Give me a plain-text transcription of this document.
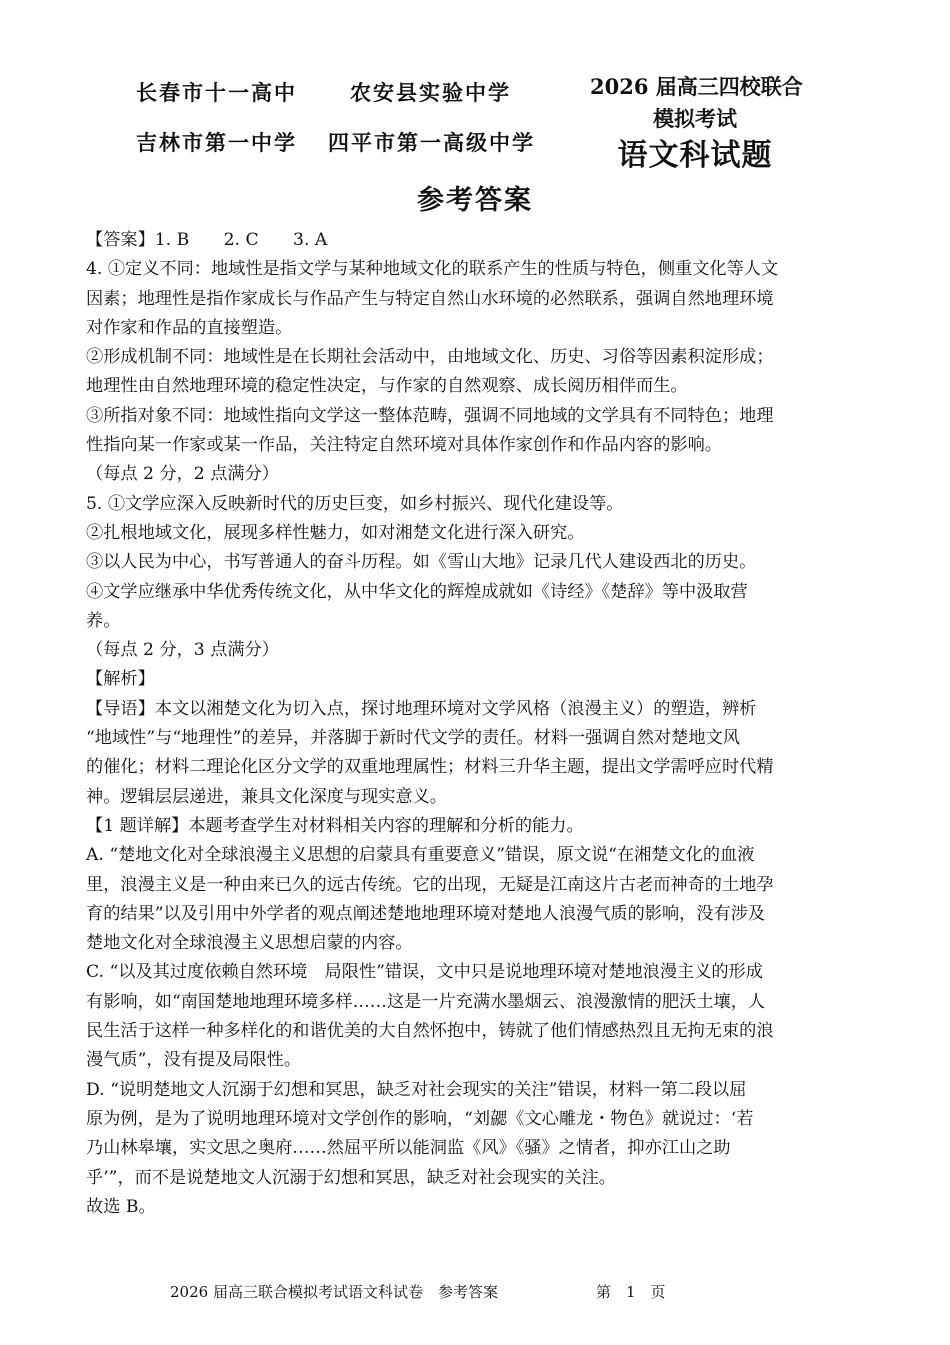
长春市十一高中	农安县实验中学
吉林市第一中学 四平市第一高级中学
2026 届高三四校联合
模拟考试
语文科试题
参考答案

【答案】1. B　　2. C　　3. A

4. ①定义不同：地域性是指文学与某种地域文化的联系产生的性质与特色，侧重文化等人文

因素；地理性是指作家成长与作品产生与特定自然山水环境的必然联系，强调自然地理环境

对作家和作品的直接塑造。

②形成机制不同：地域性是在长期社会活动中，由地域文化、历史、习俗等因素积淀形成；

地理性由自然地理环境的稳定性决定，与作家的自然观察、成长阅历相伴而生。

③所指对象不同：地域性指向文学这一整体范畴，强调不同地域的文学具有不同特色；地理

性指向某一作家或某一作品，关注特定自然环境对具体作家创作和作品内容的影响。

（每点 2 分，2 点满分）

5. ①文学应深入反映新时代的历史巨变，如乡村振兴、现代化建设等。

②扎根地域文化，展现多样性魅力，如对湘楚文化进行深入研究。

③以人民为中心，书写普通人的奋斗历程。如《雪山大地》记录几代人建设西北的历史。

④文学应继承中华优秀传统文化，从中华文化的辉煌成就如《诗经》《楚辞》等中汲取营

养。

（每点 2 分，3 点满分）

【解析】

【导语】本文以湘楚文化为切入点，探讨地理环境对文学风格（浪漫主义）的塑造，辨析

“地域性”与“地理性”的差异，并落脚于新时代文学的责任。材料一强调自然对楚地文风

的催化；材料二理论化区分文学的双重地理属性；材料三升华主题，提出文学需呼应时代精

神。逻辑层层递进，兼具文化深度与现实意义。

【1 题详解】本题考查学生对材料相关内容的理解和分析的能力。

A. “楚地文化对全球浪漫主义思想的启蒙具有重要意义”错误，原文说“在湘楚文化的血液

里，浪漫主义是一种由来已久的远古传统。它的出现，无疑是江南这片古老而神奇的土地孕

育的结果”以及引用中外学者的观点阐述楚地地理环境对楚地人浪漫气质的影响，没有涉及

楚地文化对全球浪漫主义思想启蒙的内容。

C. “以及其过度依赖自然环境　局限性”错误，文中只是说地理环境对楚地浪漫主义的形成

有影响，如“南国楚地地理环境多样……这是一片充满水墨烟云、浪漫激情的肥沃土壤，人

民生活于这样一种多样化的和谐优美的大自然怀抱中，铸就了他们情感热烈且无拘无束的浪

漫气质”，没有提及局限性。

D. “说明楚地文人沉溺于幻想和冥思，缺乏对社会现实的关注”错误，材料一第二段以屈

原为例，是为了说明地理环境对文学创作的影响，“刘勰《文心雕龙・物色》就说过：‘若

乃山林皋壤，实文思之奥府……然屈平所以能洞监《风》《骚》之情者，抑亦江山之助

乎’”，而不是说楚地文人沉溺于幻想和冥思，缺乏对社会现实的关注。

故选 B。

2026 届高三联合模拟考试语文科试卷　参考答案	第　1　页
